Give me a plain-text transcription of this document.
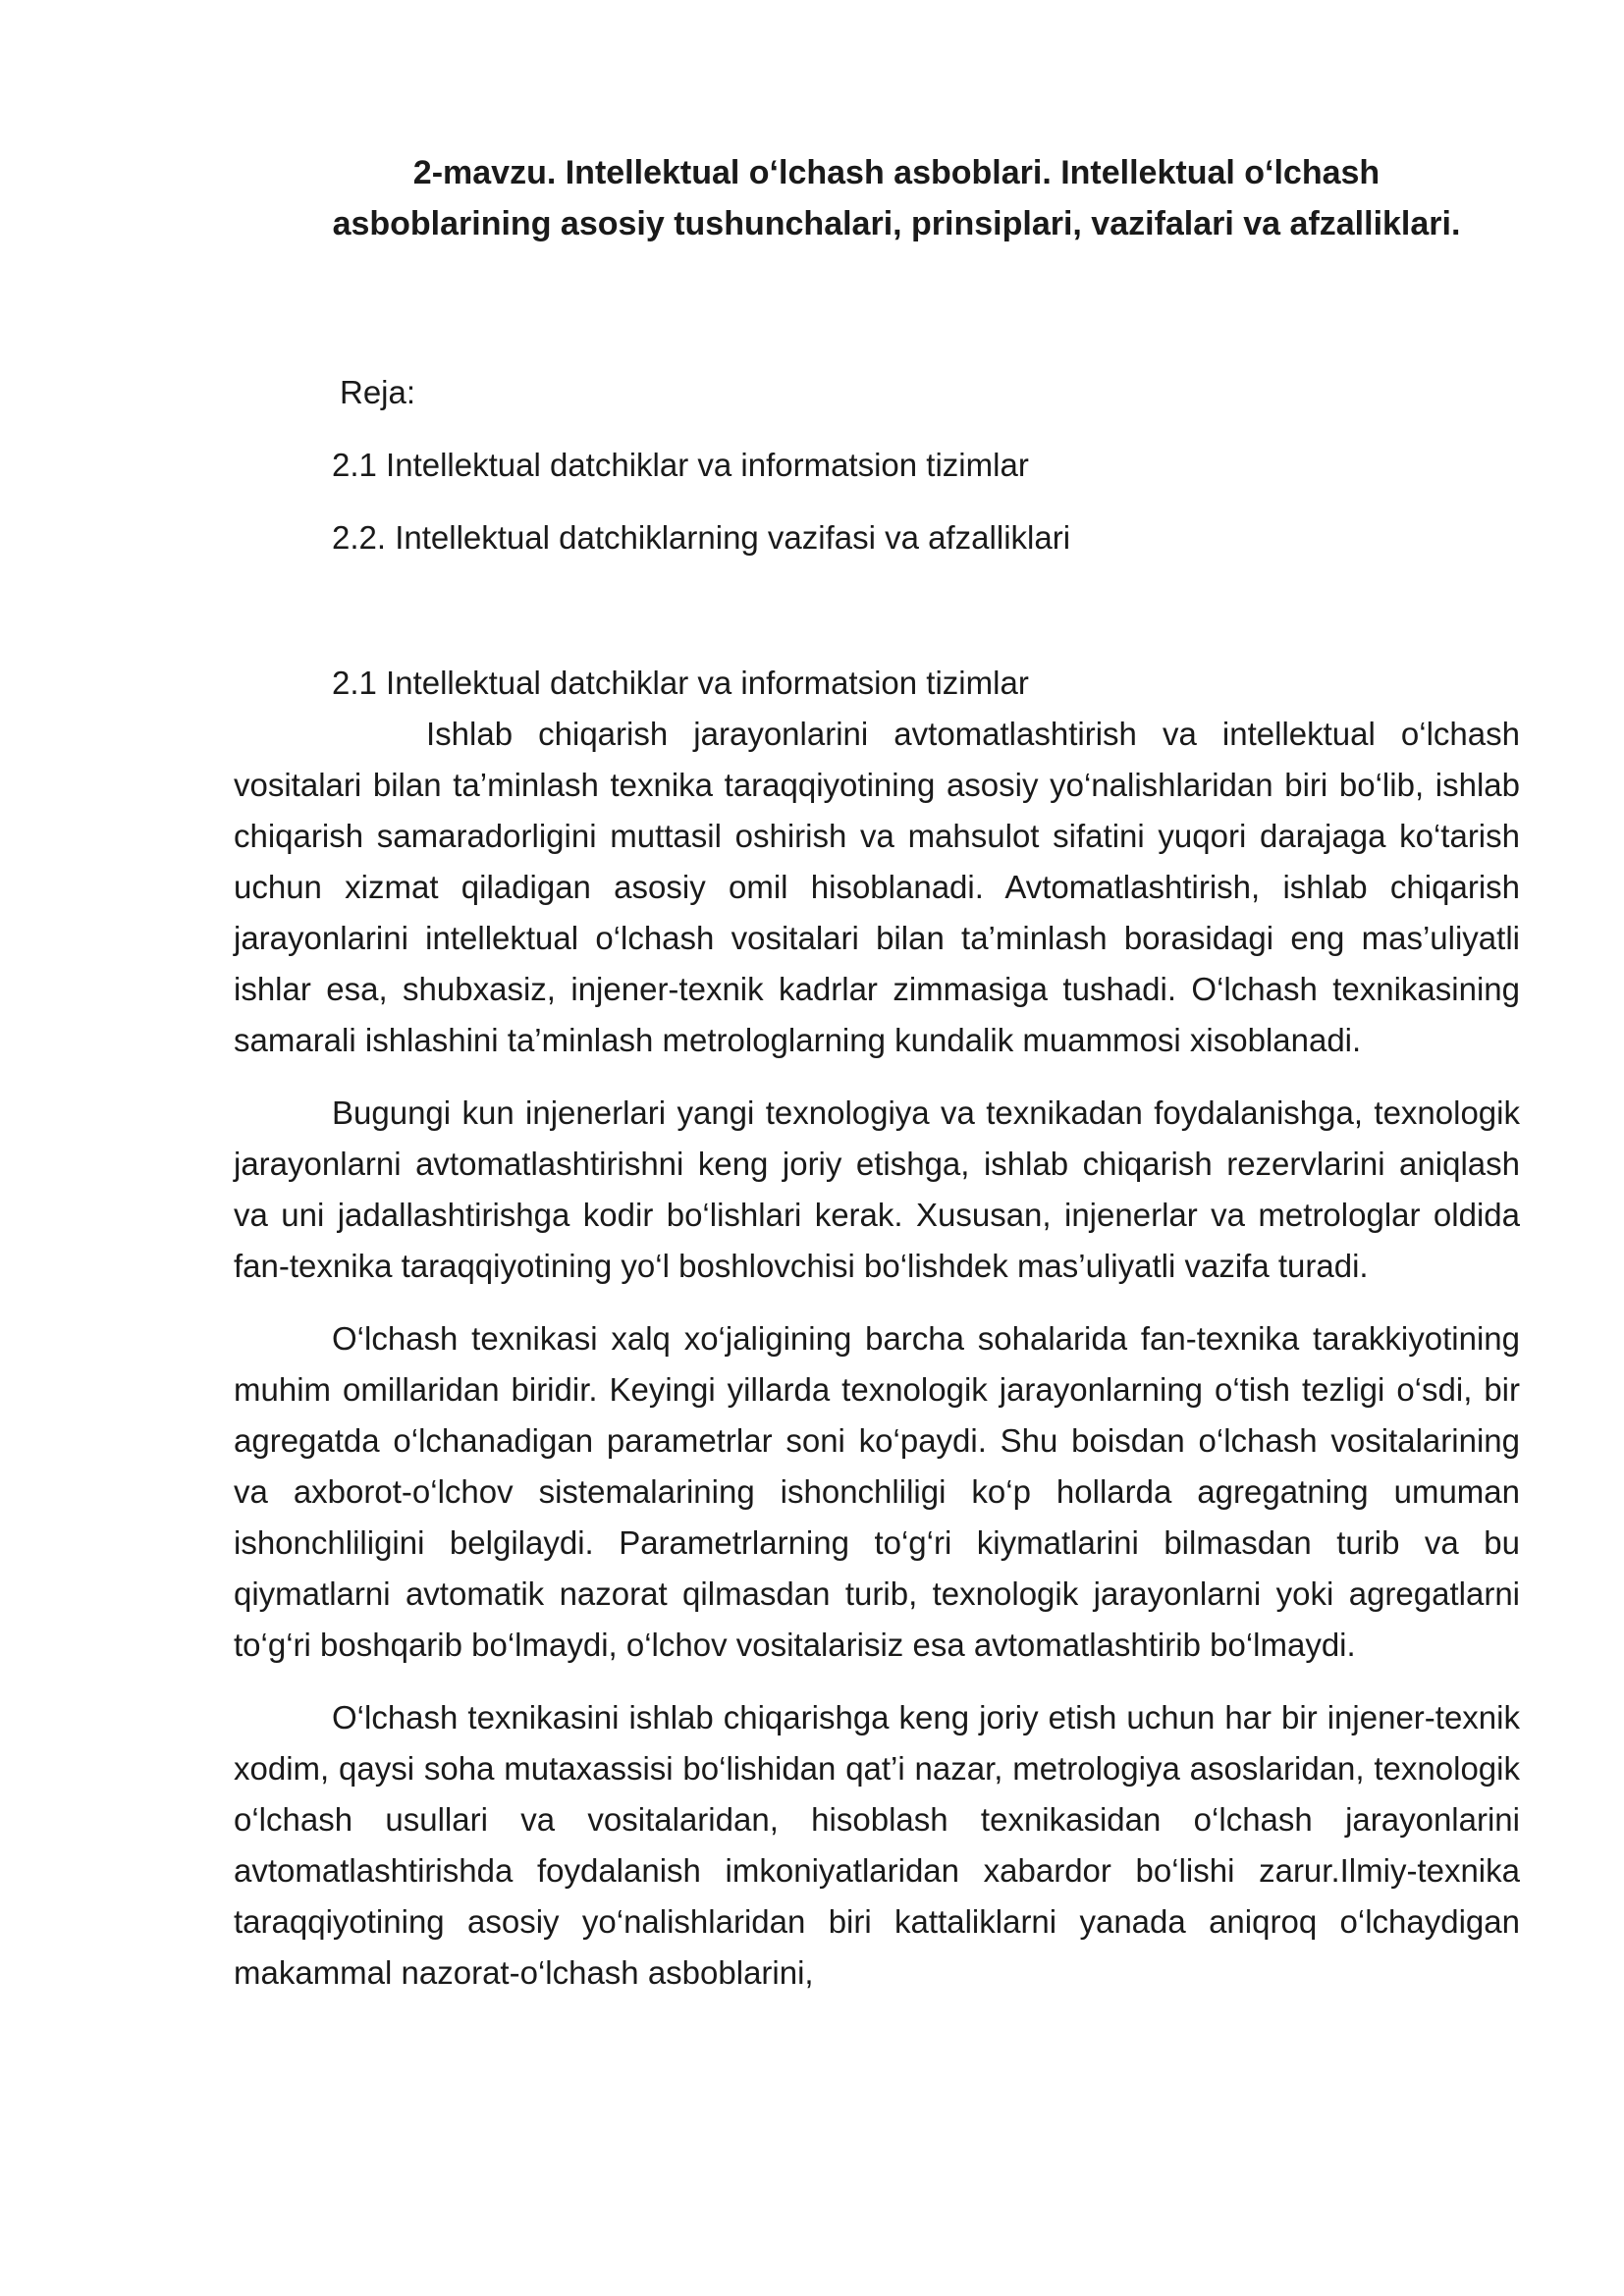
2-mavzu. Intellektual o‘lchash asboblari. Intellektual o‘lchash
asboblarining asosiy tushunchalari, prinsiplari, vazifalari va afzalliklari.

Reja:

2.1 Intellektual datchiklar va informatsion tizimlar

2.2. Intellektual datchiklarning vazifasi va afzalliklari

2.1 Intellektual datchiklar va informatsion tizimlar

Ishlab chiqarish jarayonlarini avtomatlashtirish va intellektual o‘lchash vositalari bilan ta’minlash texnika taraqqiyotining asosiy yo‘nalishlaridan biri bo‘lib, ishlab chiqarish samaradorligini muttasil oshirish va mahsulot sifatini yuqori darajaga ko‘tarish uchun xizmat qiladigan asosiy omil hisoblanadi. Avtomatlashtirish, ishlab chiqarish jarayonlarini intellektual o‘lchash vositalari bilan ta’minlash borasidagi eng mas’uliyatli ishlar esa, shubxasiz, injener-texnik kadrlar zimmasiga tushadi. O‘lchash texnikasining samarali ishlashini ta’minlash metrologlarning kundalik muammosi xisoblanadi.

Bugungi kun injenerlari yangi texnologiya va texnikadan foydalanishga, texnologik jarayonlarni avtomatlashtirishni keng joriy etishga, ishlab chiqarish rezervlarini aniqlash va uni jadallashtirishga kodir bo‘lishlari kerak. Xususan, injenerlar va metrologlar oldida fan-texnika taraqqiyotining yo‘l boshlovchisi bo‘lishdek mas’uliyatli vazifa turadi.

O‘lchash texnikasi xalq xo‘jaligining barcha sohalarida fan-texnika tarakkiyotining muhim omillaridan biridir. Keyingi yillarda texnologik jarayonlarning o‘tish tezligi o‘sdi, bir agregatda o‘lchanadigan parametrlar soni ko‘paydi. Shu boisdan o‘lchash vositalarining va axborot-o‘lchov sistemalarining ishonchliligi ko‘p hollarda agregatning umuman ishonchliligini belgilaydi. Parametrlarning to‘g‘ri kiymatlarini bilmasdan turib va bu qiymatlarni avtomatik nazorat qilmasdan turib, texnologik jarayonlarni yoki agregatlarni to‘g‘ri boshqarib bo‘lmaydi, o‘lchov vositalarisiz esa avtomatlashtirib bo‘lmaydi.

O‘lchash texnikasini ishlab chiqarishga keng joriy etish uchun har bir injener-texnik xodim, qaysi soha mutaxassisi bo‘lishidan qat’i nazar, metrologiya asoslaridan, texnologik o‘lchash usullari va vositalaridan, hisoblash texnikasidan o‘lchash jarayonlarini avtomatlashtirishda foydalanish imkoniyatlaridan xabardor bo‘lishi zarur.Ilmiy-texnika taraqqiyotining asosiy yo‘nalishlaridan biri kattaliklarni yanada aniqroq o‘lchaydigan makammal nazorat-o‘lchash asboblarini,
